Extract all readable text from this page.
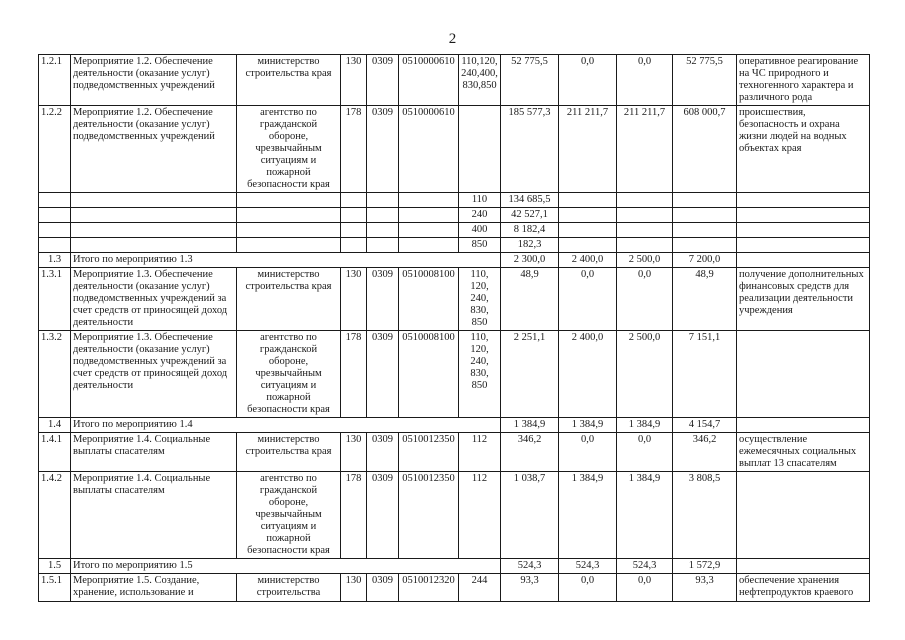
2
1.2.1	Мероприятие 1.2. Обеспечение деятельности (оказание услуг) подведомственных учреждений	министерство строительства края	130	0309	0510000610	110,120, 240,400, 830,850	52 775,5	0,0	0,0	52 775,5	оперативное реагирование на ЧС природного и техногенного характера и различного рода
1.2.2	Мероприятие 1.2. Обеспечение деятельности (оказание услуг) подведомственных учреждений	агентство по гражданской обороне, чрезвычайным ситуациям и пожарной безопасности края	178	0309	0510000610		185 577,3	211 211,7	211 211,7	608 000,7	происшествия, безопасность и охрана жизни людей на водных объектах края
						110	134 685,5				
						240	42 527,1				
						400	8 182,4				
						850	182,3				
1.3	Итого по мероприятию 1.3						2 300,0	2 400,0	2 500,0	7 200,0	
1.3.1	Мероприятие 1.3. Обеспечение деятельности (оказание услуг) подведомственных учреждений за счет средств от приносящей доход деятельности	министерство строительства края	130	0309	0510008100	110,
120,
240,
830,
850	48,9	0,0	0,0	48,9	получение дополнительных финансовых средств для реализации деятельности учреждения
1.3.2	Мероприятие 1.3. Обеспечение деятельности (оказание услуг) подведомственных учреждений за счет средств от приносящей доход деятельности	агентство по гражданской обороне, чрезвычайным ситуациям и пожарной безопасности края	178	0309	0510008100	110,
120,
240,
830,
850	2 251,1	2 400,0	2 500,0	7 151,1	
1.4	Итого по мероприятию 1.4						1 384,9	1 384,9	1 384,9	4 154,7	
1.4.1	Мероприятие 1.4. Социальные выплаты спасателям	министерство строительства края	130	0309	0510012350	112	346,2	0,0	0,0	346,2	осуществление ежемесячных социальных выплат 13 спасателям
1.4.2	Мероприятие 1.4. Социальные выплаты спасателям	агентство по гражданской обороне, чрезвычайным ситуациям и пожарной безопасности края	178	0309	0510012350	112	1 038,7	1 384,9	1 384,9	3 808,5	
1.5	Итого по мероприятию 1.5						524,3	524,3	524,3	1 572,9	
1.5.1	Мероприятие 1.5. Создание, хранение, использование и	министерство строительства	130	0309	0510012320	244	93,3	0,0	0,0	93,3	обеспечение хранения нефтепродуктов краевого
